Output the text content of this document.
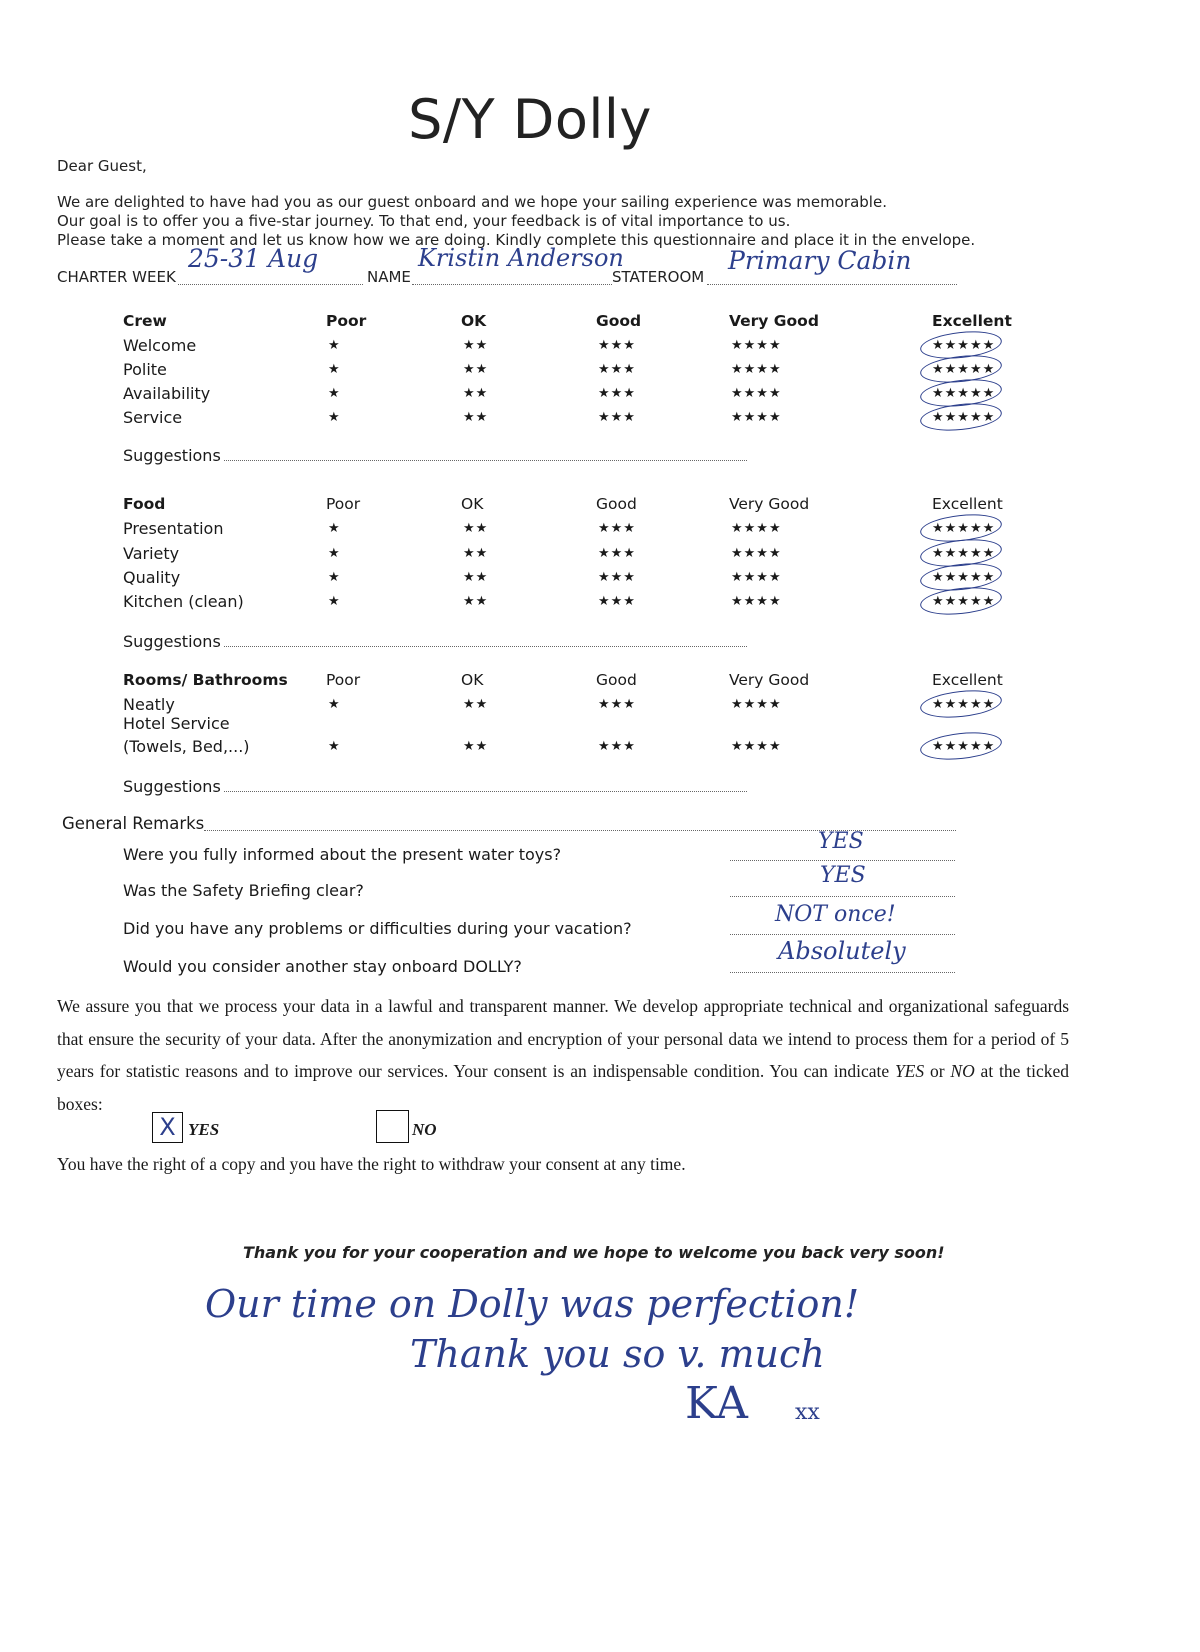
S/Y Dolly
Dear Guest,
We are delighted to have had you as our guest onboard and we hope your sailing experience was memorable.
Our goal is to offer you a five-star journey. To that end, your feedback is of vital importance to us.
Please take a moment and let us know how we are doing. Kindly complete this questionnaire and place it in the envelope.
CHARTER WEEK
25-31 Aug
NAME
Kristin Anderson
STATEROOM
Primary Cabin
Crew	Poor	OK	Good	Very Good	Excellent
Welcome	★	★★	★★★	★★★★	★★★★★
Polite	★	★★	★★★	★★★★	★★★★★
Availability	★	★★	★★★	★★★★	★★★★★
Service	★	★★	★★★	★★★★	★★★★★
Suggestions
Food	Poor	OK	Good	Very Good	Excellent
Presentation	★	★★	★★★	★★★★	★★★★★
Variety	★	★★	★★★	★★★★	★★★★★
Quality	★	★★	★★★	★★★★	★★★★★
Kitchen (clean)	★	★★	★★★	★★★★	★★★★★
Suggestions
Rooms/ Bathrooms Poor	OK	Good	Very Good	Excellent
Neatly	★	★★	★★★	★★★★	★★★★★
Hotel Service
(Towels, Bed,...)	★	★★	★★★	★★★★	★★★★★
Suggestions
General Remarks
Were you fully informed about the present water toys?
YES
Was the Safety Briefing clear?
YES
Did you have any problems or difficulties during your vacation?
NOT once!
Would you consider another stay onboard DOLLY?
Absolutely
We assure you that we process your data in a lawful and transparent manner. We develop appropriate technical and organizational safeguards that ensure the security of your data. After the anonymization and encryption of your personal data we intend to process them for a period of 5 years for statistic reasons and to improve our services. Your consent is an indispensable condition. You can indicate YES or NO at the ticked boxes:
X YES	NO
You have the right of a copy and you have the right to withdraw your consent at any time.
Thank you for your cooperation and we hope to welcome you back very soon!
Our time on Dolly was perfection!
Thank you so v. much
KA xx
